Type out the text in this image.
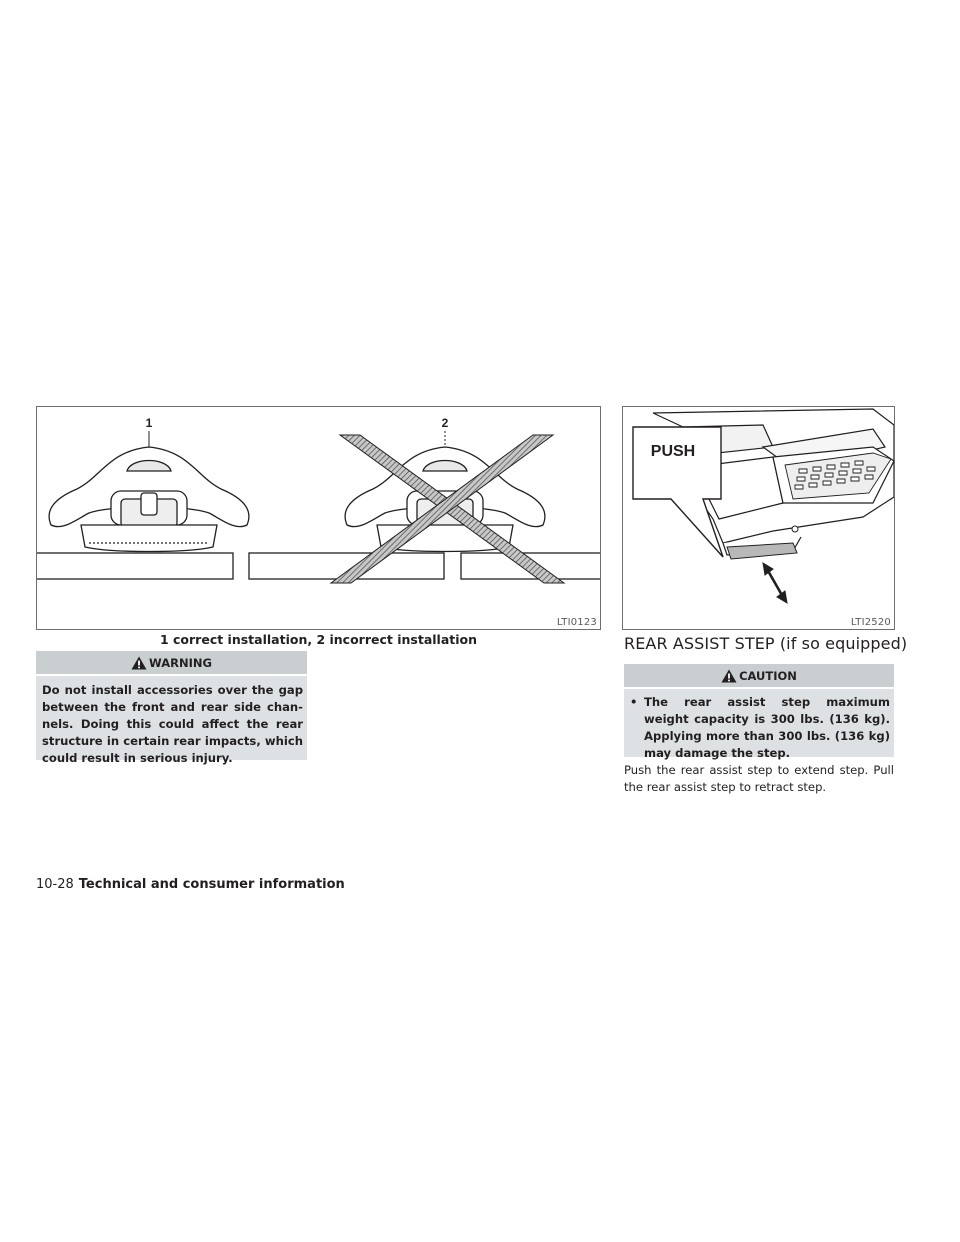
1	2
LTI0123
1 correct installation, 2 incorrect installation
PUSH
LTI2520
REAR ASSIST STEP (if so equipped)
WARNING
Do not install accessories over the gap between the front and rear side chan- nels. Doing this could affect the rear structure in certain rear impacts, which could result in serious injury.
CAUTION
• The rear assist step maximum weight capacity is 300 lbs. (136 kg). Applying more than 300 lbs. (136 kg) may damage the step.
Push the rear assist step to extend step. Pull the rear assist step to retract step.
10-28 Technical and consumer information
